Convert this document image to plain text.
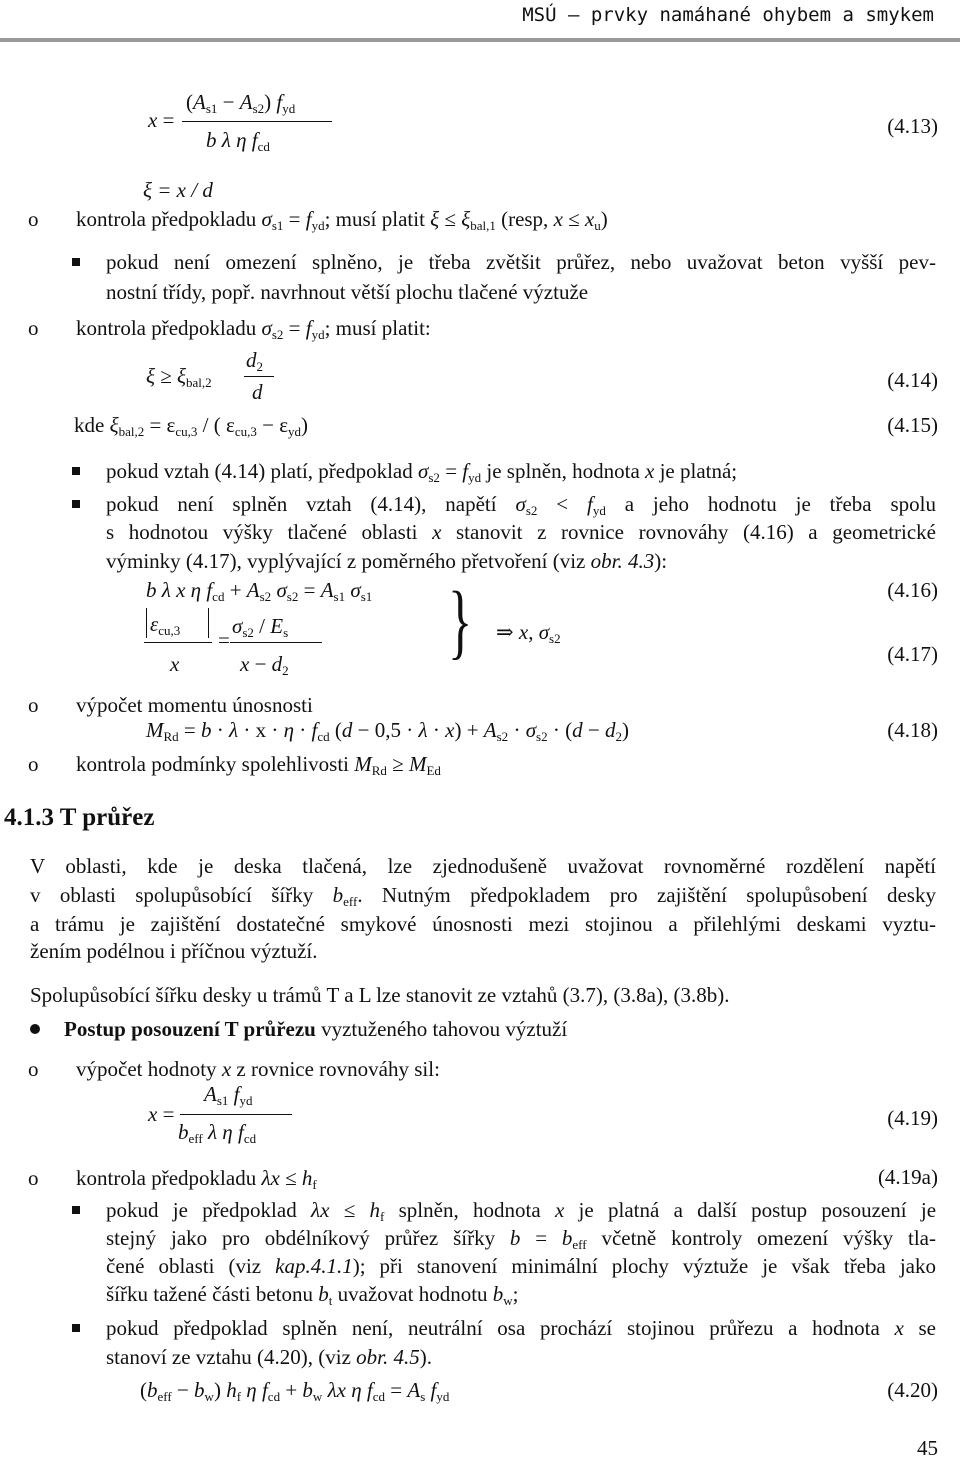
MSÚ – prvky namáhané ohybem a smykem
x =
$(A_{s1} - A_{s2})$ $f_{yd}$
b λ η $f_{cd}$
(4.13)
ξ = x / d
o kontrola předpokladu $\sigma_{s1} = f_{yd}$; musí platit $\xi \le \xi_{bal,1}$ (resp, $x \le x_u$)
pokud není omezení splněno, je třeba zvětšit průřez, nebo uvažovat beton vyšší pev-
nostní třídy, popř. navrhnout větší plochu tlačené výztuže
o kontrola předpokladu $\sigma_{s2} = f_{yd}$; musí platit:
$\xi \ge \xi_{bal,2}$
$d_2$
d	(4.14)
kde $\xi_{bal,2} = \varepsilon_{cu,3}$ / ( $\varepsilon_{cu,3} - \varepsilon_{yd}$)	(4.15)
pokud vztah (4.14) platí, předpoklad $\sigma_{s2} = f_{yd}$ je splněn, hodnota x je platná;
pokud není splněn vztah (4.14), napětí $\sigma_{s2} < f_{yd}$ a jeho hodnotu je třeba spolu
s hodnotou výšky tlačené oblasti x stanovit z rovnice rovnováhy (4.16) a geometrické
výminky (4.17), vyplývající z poměrného přetvoření (viz obr. 4.3):
b λ x η $f_{cd} + A_{s2}$ $\sigma_{s2} = A_{s1}$ $\sigma_{s1}$	(4.16)
$\varepsilon_{cu,3}$
x
=
$\sigma_{s2} / E_s$
$x - d_2$
} ⇒ x, $\sigma_{s2}$
(4.17)
o výpočet momentu únosnosti
$M_{Rd} = b \cdot \lambda \cdot x \cdot \eta \cdot f_{cd}$ $(d - 0,5 \cdot \lambda \cdot x) + A_{s2} \cdot \sigma_{s2} \cdot (d - d_2)$	(4.18)
o kontrola podmínky spolehlivosti $M_{Rd} \ge M_{Ed}$
4.1.3 T průřez
V oblasti, kde je deska tlačená, lze zjednodušeně uvažovat rovnoměrné rozdělení napětí
v oblasti spolupůsobící šířky $b_{eff}$. Nutným předpokladem pro zajištění spolupůsobení desky
a trámu je zajištění dostatečné smykové únosnosti mezi stojinou a přilehlými deskami vyztu-
žením podélnou i příčnou výztuží.
Spolupůsobící šířku desky u trámů T a L lze stanovit ze vztahů (3.7), (3.8a), (3.8b).
Postup posouzení T průřezu vyztuženého tahovou výztuží
o výpočet hodnoty x z rovnice rovnováhy sil:
x =
$A_{s1}$ $f_{yd}$
$b_{eff}$ λ η $f_{cd}$
(4.19)
o kontrola předpokladu $\lambda x \le h_f$	(4.19a)
pokud je předpoklad $\lambda x \le h_f$ splněn, hodnota x je platná a další postup posouzení je
stejný jako pro obdélníkový průřez šířky $b = b_{eff}$ včetně kontroly omezení výšky tla-
čené oblasti (viz kap.4.1.1); při stanovení minimální plochy výztuže je však třeba jako
šířku tažené části betonu $b_t$ uvažovat hodnotu $b_w$;
pokud předpoklad splněn není, neutrální osa prochází stojinou průřezu a hodnota x se
stanoví ze vztahu (4.20), (viz obr. 4.5).
$(b_{eff} - b_w)$ $h_f$ η $f_{cd} + b_w$ λx η $f_{cd} = A_s$ $f_{yd}$	(4.20)
45
